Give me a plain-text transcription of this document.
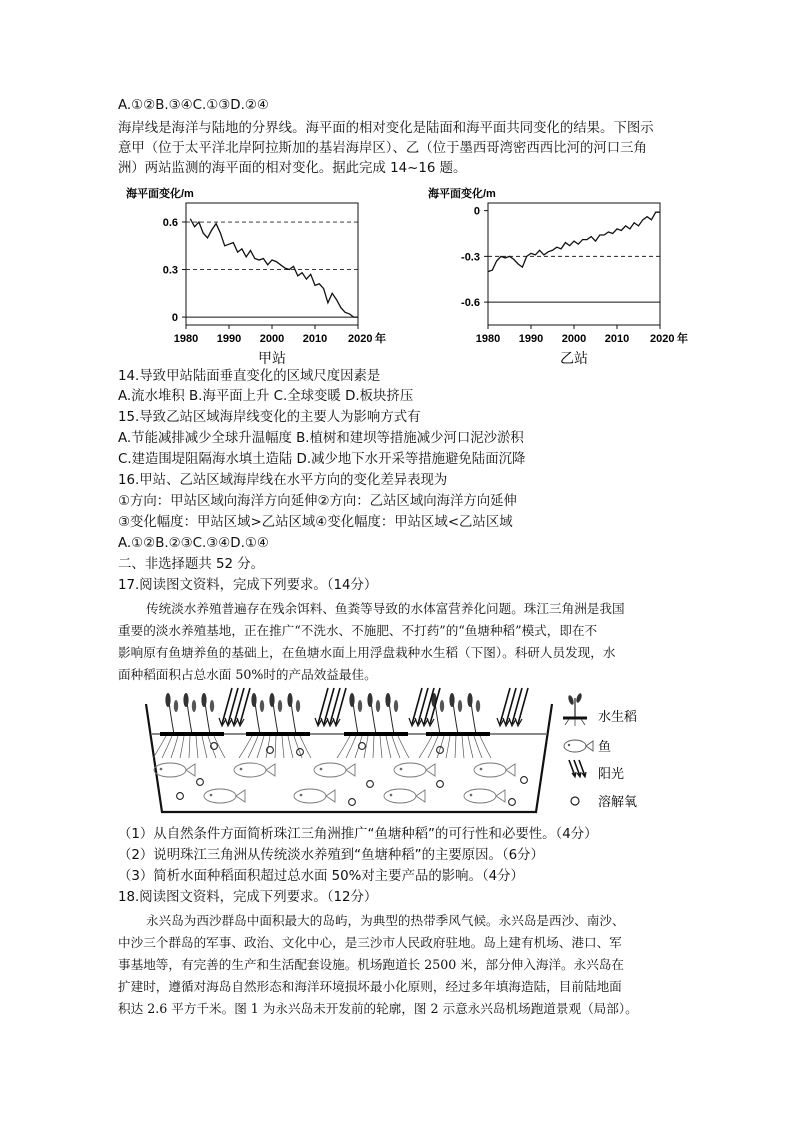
A.①②B.③④C.①③D.②④
海岸线是海洋与陆地的分界线。海平面的相对变化是陆面和海平面共同变化的结果。下图示
意甲（位于太平洋北岸阿拉斯加的基岩海岸区）、乙（位于墨西哥湾密西西比河的河口三角
洲）两站监测的海平面的相对变化。据此完成 14~16 题。
海平面变化/m
0.6
0.3
0
1980 1990 2000 2010 2020 年
甲站
海平面变化/m
0
-0.3
-0.6
1980 1990 2000 2010 2020 年
乙站
14.导致甲站陆面垂直变化的区域尺度因素是
A.流水堆积 B.海平面上升 C.全球变暖 D.板块挤压
15.导致乙站区域海岸线变化的主要人为影响方式有
A.节能减排减少全球升温幅度 B.植树和建坝等措施减少河口泥沙淤积
C.建造围堤阻隔海水填土造陆 D.减少地下水开采等措施避免陆面沉降
16.甲站、乙站区域海岸线在水平方向的变化差异表现为
①方向：甲站区域向海洋方向延伸②方向：乙站区域向海洋方向延伸
③变化幅度：甲站区域>乙站区域④变化幅度：甲站区域<乙站区域
A.①②B.②③C.③④D.①④
二、非选择题共 52 分。
17.阅读图文资料，完成下列要求。（14分）
传统淡水养殖普遍存在残余饵料、鱼粪等导致的水体富营养化问题。珠江三角洲是我国
重要的淡水养殖基地，正在推广“不洗水、不施肥、不打药”的“鱼塘种稻”模式，即在不
影响原有鱼塘养鱼的基础上，在鱼塘水面上用浮盘栽种水生稻（下图）。科研人员发现，水
面种稻面积占总水面 50%时的产品效益最佳。
水生稻
鱼
阳光
溶解氧
（1）从自然条件方面简析珠江三角洲推广“鱼塘种稻”的可行性和必要性。（4分）
（2）说明珠江三角洲从传统淡水养殖到“鱼塘种稻”的主要原因。（6分）
（3）简析水面种稻面积超过总水面 50%对主要产品的影响。（4分）
18.阅读图文资料，完成下列要求。（12分）
永兴岛为西沙群岛中面积最大的岛屿，为典型的热带季风气候。永兴岛是西沙、南沙、
中沙三个群岛的军事、政治、文化中心，是三沙市人民政府驻地。岛上建有机场、港口、军
事基地等，有完善的生产和生活配套设施。机场跑道长 2500 米，部分伸入海洋。永兴岛在
扩建时，遵循对海岛自然形态和海洋环境损坏最小化原则，经过多年填海造陆，目前陆地面
积达 2.6 平方千米。图 1 为永兴岛未开发前的轮廓，图 2 示意永兴岛机场跑道景观（局部）。
